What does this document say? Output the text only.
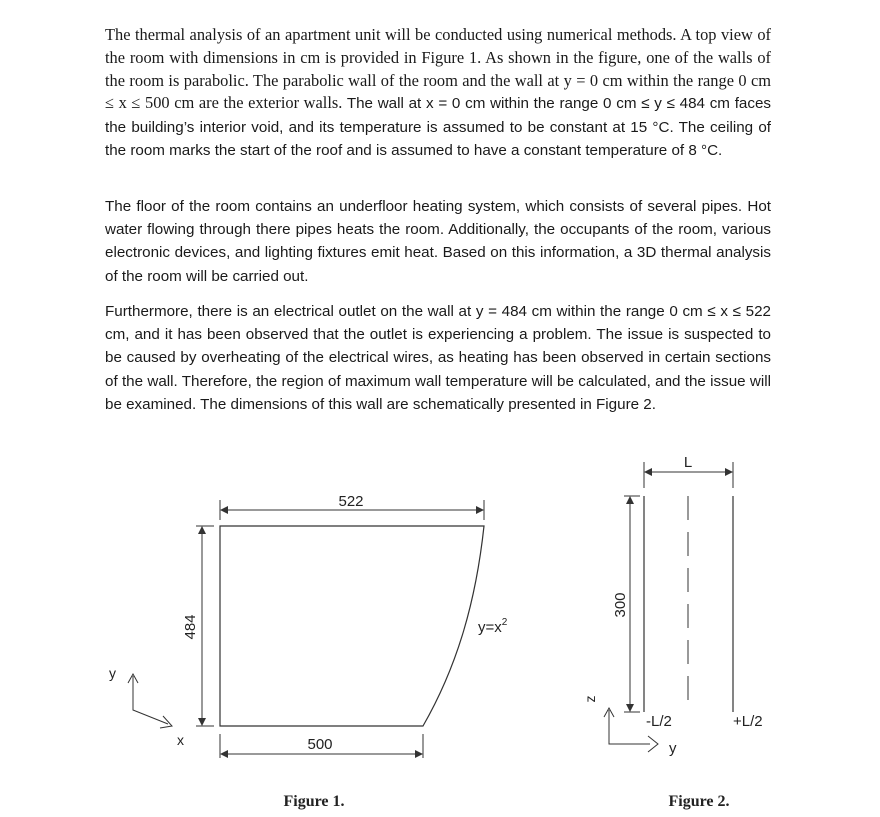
The thermal analysis of an apartment unit will be conducted using numerical methods. A top view of the room with dimensions in cm is provided in Figure 1. As shown in the figure, one of the walls of the room is parabolic. The parabolic wall of the room and the wall at y = 0 cm within the range 0 cm ≤ x ≤ 500 cm are the exterior walls. The wall at x = 0 cm within the range 0 cm ≤ y ≤ 484 cm faces the building’s interior void, and its temperature is assumed to be constant at 15 °C. The ceiling of the room marks the start of the roof and is assumed to have a constant temperature of 8 °C.

The floor of the room contains an underfloor heating system, which consists of several pipes. Hot water flowing through there pipes heats the room. Additionally, the occupants of the room, various electronic devices, and lighting fixtures emit heat. Based on this information, a 3D thermal analysis of the room will be carried out.

Furthermore, there is an electrical outlet on the wall at y = 484 cm within the range 0 cm ≤ x ≤ 522 cm, and it has been observed that the outlet is experiencing a problem. The issue is suspected to be caused by overheating of the electrical wires, as heating has been observed in certain sections of the wall. Therefore, the region of maximum wall temperature will be calculated, and the issue will be examined. The dimensions of this wall are schematically presented in Figure 2.

522
500
484	$y=x^2$
y
x
Figure 1.
L
300
-L/2	+L/2
z
y
Figure 2.
